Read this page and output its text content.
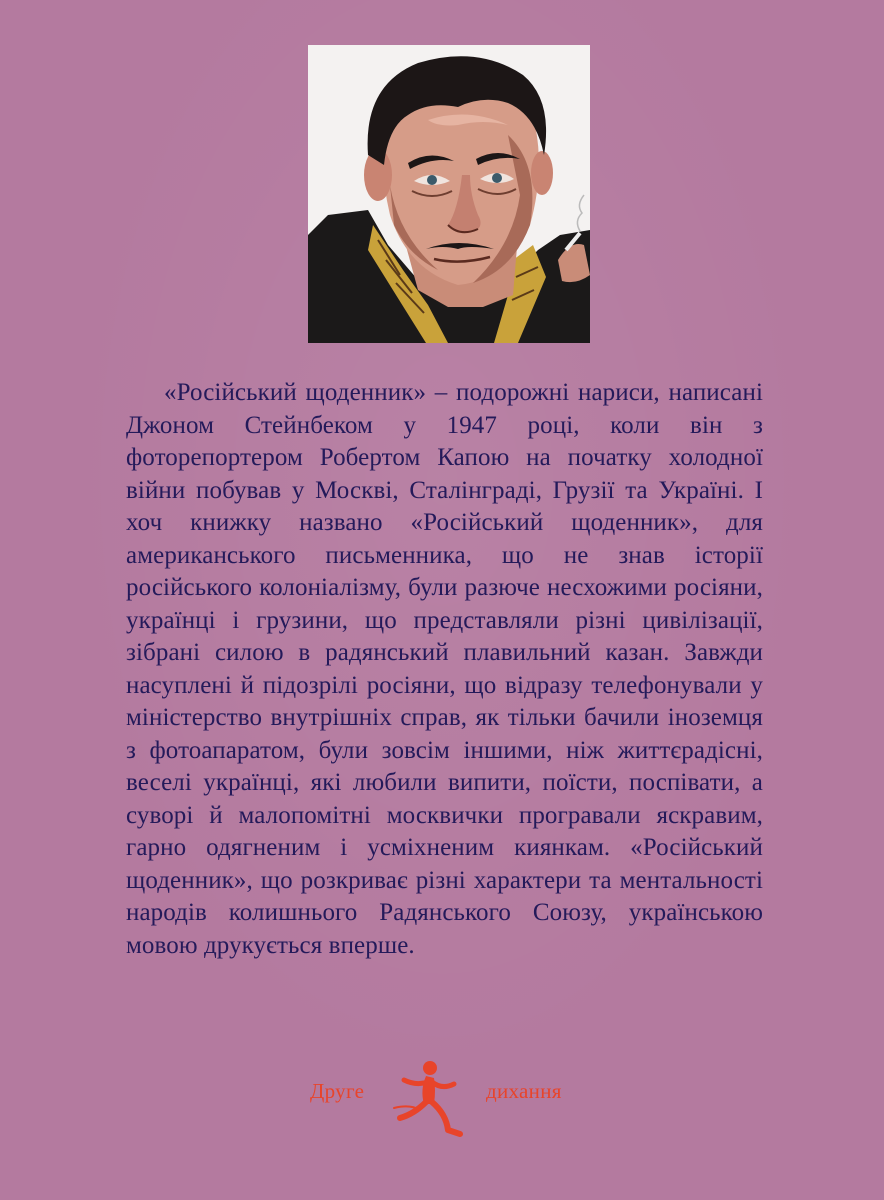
«Російський щоденник» – подорожні нариси, написані Джоном Стейнбеком у 1947 році, коли він з фоторепортером Робертом Капою на початку холодної війни побував у Москві, Сталінграді, Грузії та Україні. І хоч книжку названо «Російський щоденник», для американського письменника, що не знав історії російського колоніалізму, були разюче несхожими росіяни, українці і грузини, що представляли різні цивілізації, зібрані силою в радянський плавильний казан. Завжди насуплені й підозрілі росіяни, що відразу телефонували у міністерство внутрішніх справ, як тільки бачили іноземця з фотоапаратом, були зовсім іншими, ніж життєрадісні, веселі українці, які любили випити, поїсти, поспівати, а суворі й малопомітні москвички програвали яскравим, гарно одягненим і усміхненим киянкам. «Російський щоденник», що розкриває різні характери та ментальності народів колишнього Радянського Союзу, українською мовою друкується вперше.
Друге	дихання
